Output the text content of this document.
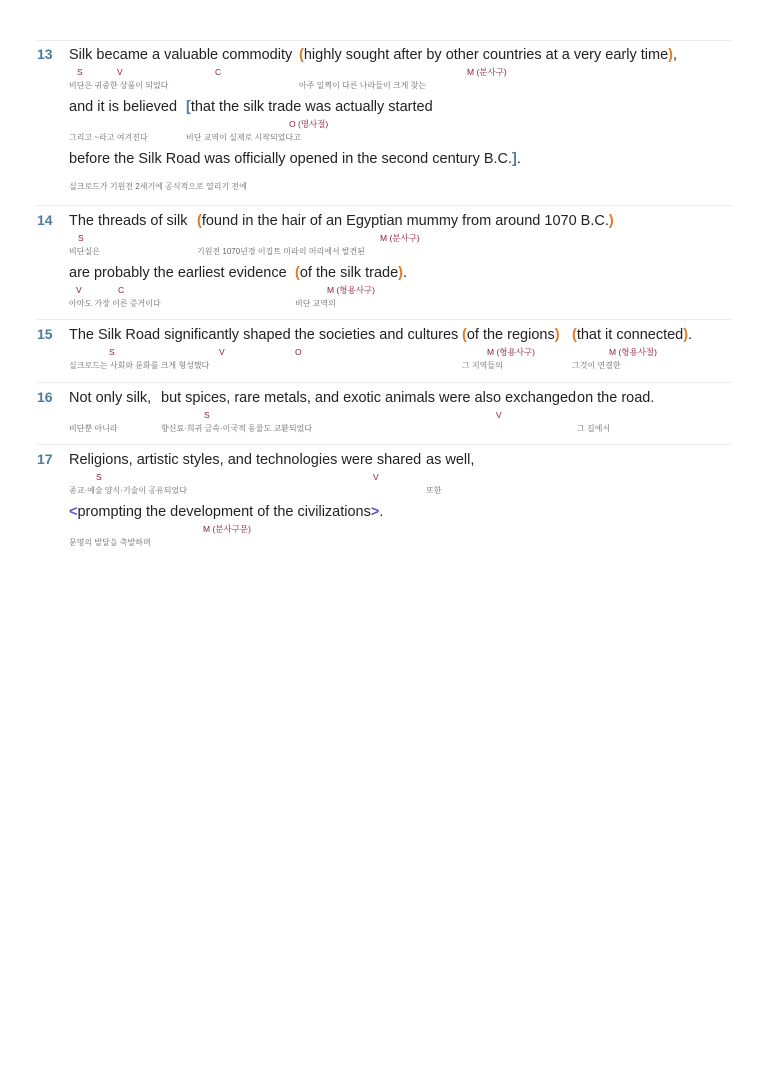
13 Silk became a valuable commodity
S	V	C
비단은 귀중한 상품이 되었다
(highly sought after by other countries at a very early time),
M (분사구)
아주 일찍이 다른 나라들이 크게 찾는
and it is believed
그리고 ~라고 여겨진다
[that the silk trade was actually started
O (명사절)
비단 교역이 실제로 시작되었다고
before the Silk Road was officially opened in the second century B.C.].
실크로드가 기원전 2세기에 공식적으로 열리기 전에
14 The threads of silk
S
비단실은
(found in the hair of an Egyptian mummy from around 1070 B.C.)
M (분사구)
기원전 1070년경 이집트 미라의 머리에서 발견된
are probably the earliest evidence
V	C
아마도 가장 이른 증거이다
(of the silk trade).
M (형용사구)
비단 교역의
15 The Silk Road significantly shaped the societies and cultures
S	V	O
실크로드는 사회와 문화를 크게 형성했다
(of the regions)
M (형용사구)
그 지역들의
(that it connected).
M (형용사절)
그것이 연결한
16 Not only silk,
비단뿐 아니라
but spices, rare metals, and exotic animals were also exchanged
S	V
향신료·희귀 금속·이국적 동물도 교환되었다
on the road.
그 길에서
17 Religions, artistic styles, and technologies were shared
S	V
종교·예술 양식·기술이 공유되었다
as well,
또한
<prompting the development of the civilizations>.
M (분사구문)
문명의 발달을 촉발하며
